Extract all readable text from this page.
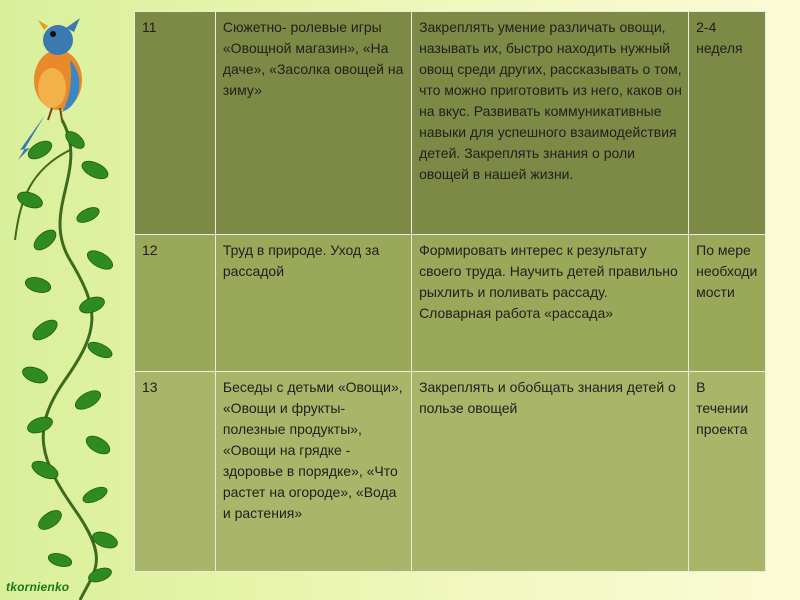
11	Сюжетно- ролевые игры «Овощной магазин», «На даче», «Засолка овощей на зиму»	Закреплять умение различать овощи, называть их, быстро находить нужный овощ среди других, рассказывать о том, что можно приготовить из него, каков он на вкус. Развивать коммуникативные навыки для успешного взаимодействия детей. Закреплять знания о роли овощей в нашей жизни.	2-4 неделя
12	Труд в природе. Уход за рассадой	Формировать интерес к результату своего труда. Научить детей правильно рыхлить и поливать рассаду. Словарная работа «рассада»	По мере необходи мости
13	Беседы с детьми «Овощи», «Овощи и фрукты- полезные продукты», «Овощи на грядке - здоровье в порядке», «Что растет на огороде», «Вода и растения»	Закреплять и обобщать знания детей о пользе овощей	В течении проекта
tkornienko
